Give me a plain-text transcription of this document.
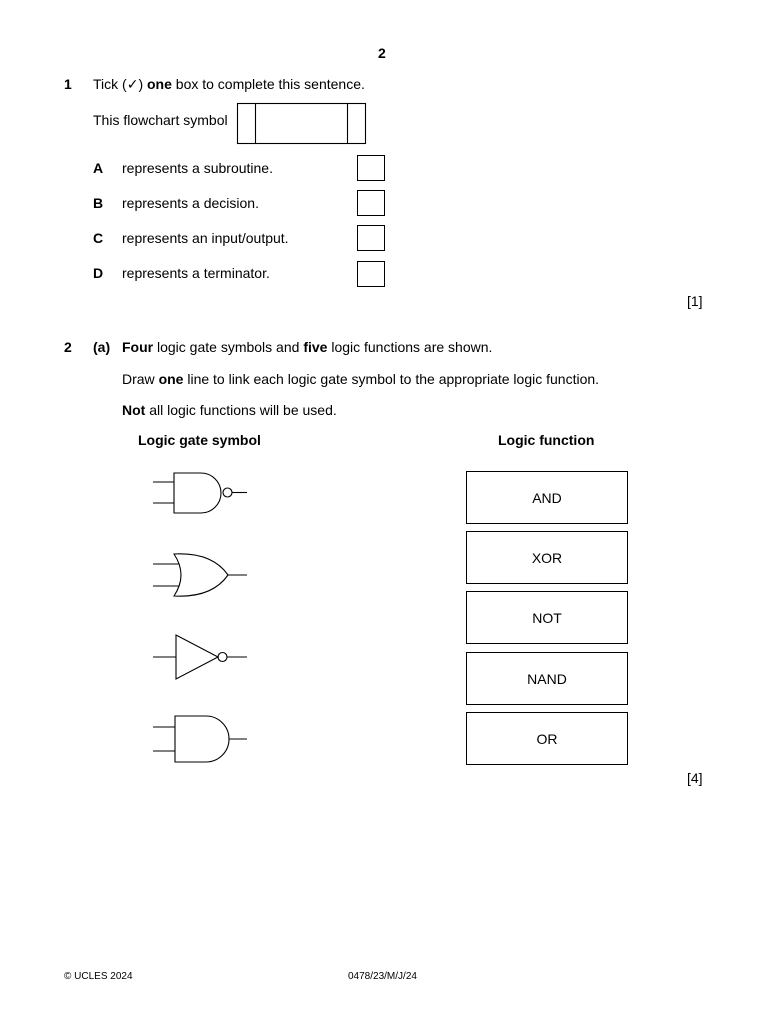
2
1 Tick (✓) one box to complete this sentence.
This flowchart symbol
A represents a subroutine.
B represents a decision.
C represents an input/output.
D represents a terminator.
[1]
2 (a) Four logic gate symbols and five logic functions are shown.
Draw one line to link each logic gate symbol to the appropriate logic function.
Not all logic functions will be used.
Logic gate symbol	Logic function
AND
XOR
NOT
NAND
OR
[4]
© UCLES 2024	0478/23/M/J/24
